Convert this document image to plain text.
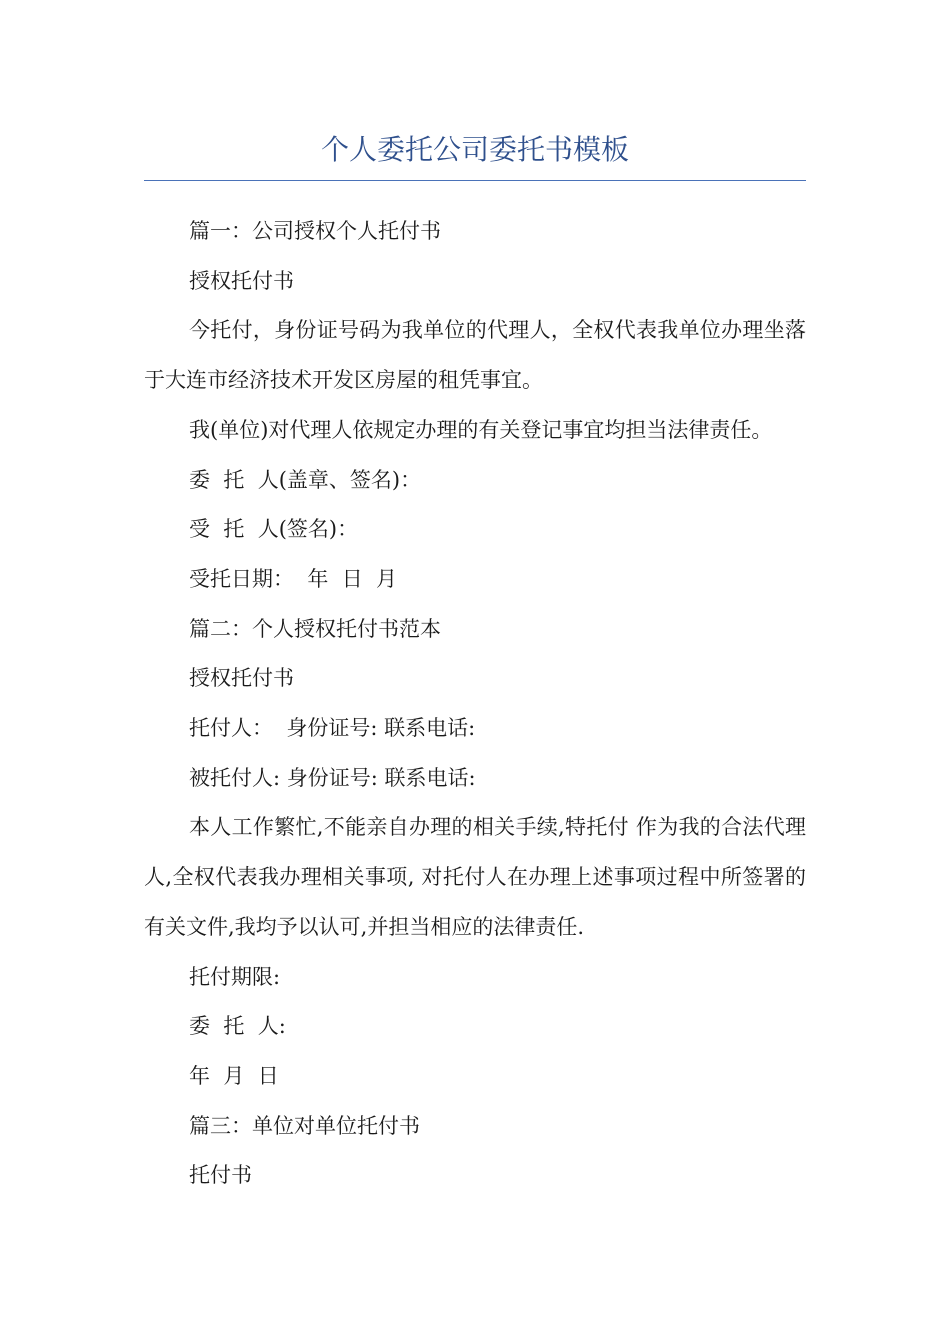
个人委托公司委托书模板

篇一：公司授权个人托付书

授权托付书

今托付，身份证号码为我单位的代理人，全权代表我单位办理坐落于大连市经济技术开发区房屋的租凭事宜。

我(单位)对代理人依规定办理的有关登记事宜均担当法律责任。

委  托  人(盖章、签名)：

受  托  人(签名)：

受托日期：  年  日  月

篇二：个人授权托付书范本

授权托付书

托付人：  身份证号: 联系电话:

被托付人: 身份证号: 联系电话:

本人工作繁忙,不能亲自办理的相关手续,特托付 作为我的合法代理人,全权代表我办理相关事项, 对托付人在办理上述事项过程中所签署的有关文件,我均予以认可,并担当相应的法律责任.

托付期限:

委  托  人:

年  月  日

篇三：单位对单位托付书

托付书
